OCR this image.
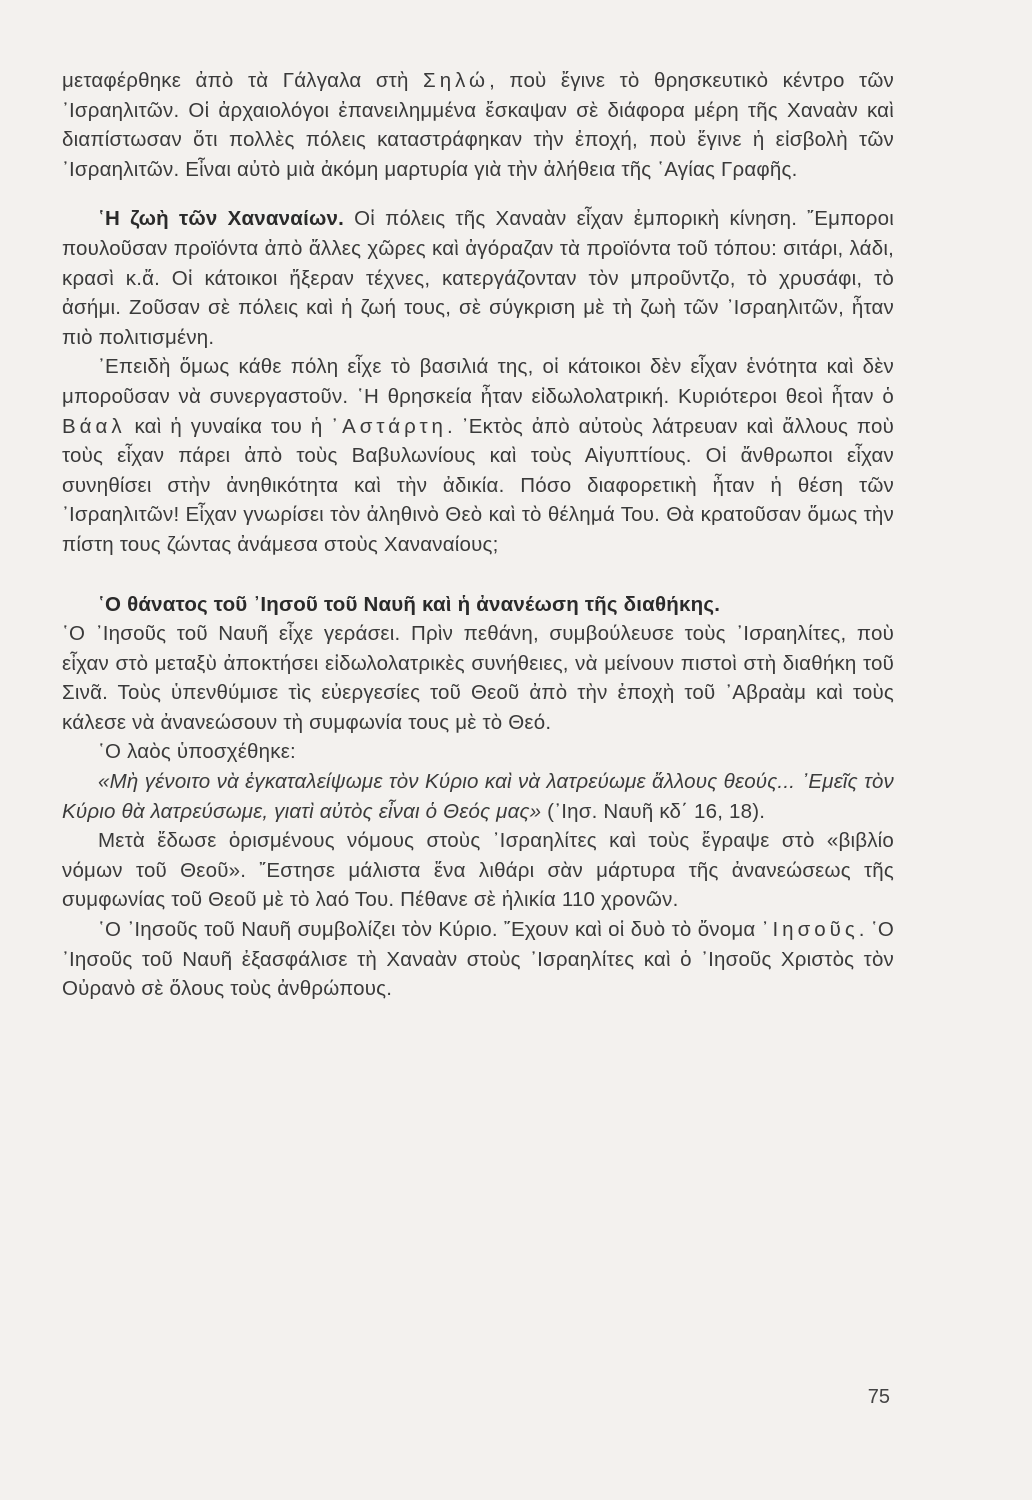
μεταφέρθηκε ἀπὸ τὰ Γάλγαλα στὴ Σηλώ, ποὺ ἔγινε τὸ θρησκευτικὸ κέντρο τῶν ᾿Ισραηλιτῶν. Οἱ ἀρχαιολόγοι ἐπανειλημμένα ἔσκαψαν σὲ διάφορα μέρη τῆς Χαναὰν καὶ διαπίστωσαν ὅτι πολλὲς πόλεις καταστράφηκαν τὴν ἐποχή, ποὺ ἔγινε ἡ εἰσβολὴ τῶν ᾿Ισραηλιτῶν. Εἶναι αὐτὸ μιὰ ἀκόμη μαρτυρία γιὰ τὴν ἀλήθεια τῆς ῾Αγίας Γραφῆς.

῾Η ζωὴ τῶν Χαναναίων. Οἱ πόλεις τῆς Χαναὰν εἶχαν ἐμπορικὴ κίνηση. ῎Εμποροι πουλοῦσαν προϊόντα ἀπὸ ἄλλες χῶρες καὶ ἀγόραζαν τὰ προϊόντα τοῦ τόπου: σιτάρι, λάδι, κρασὶ κ.ἄ. Οἱ κάτοικοι ἤξεραν τέχνες, κατεργάζονταν τὸν μπροῦντζο, τὸ χρυσάφι, τὸ ἀσήμι. Ζοῦσαν σὲ πόλεις καὶ ἡ ζωή τους, σὲ σύγκριση μὲ τὴ ζωὴ τῶν ᾿Ισραηλιτῶν, ἦταν πιὸ πολιτισμένη.

᾿Επειδὴ ὅμως κάθε πόλη εἶχε τὸ βασιλιά της, οἱ κάτοικοι δὲν εἶχαν ἑνότητα καὶ δὲν μποροῦσαν νὰ συνεργαστοῦν. ῾Η θρησκεία ἦταν εἰδωλολατρική. Κυριότεροι θεοὶ ἦταν ὁ Βάαλ καὶ ἡ γυναίκα του ἡ ᾿Αστάρτη. ᾿Εκτὸς ἀπὸ αὐτοὺς λάτρευαν καὶ ἄλλους ποὺ τοὺς εἶχαν πάρει ἀπὸ τοὺς Βαβυλωνίους καὶ τοὺς Αἰγυπτίους. Οἱ ἄνθρωποι εἶχαν συνηθίσει στὴν ἀνηθικότητα καὶ τὴν ἀδικία. Πόσο διαφορετικὴ ἦταν ἡ θέση τῶν ᾿Ισραηλιτῶν! Εἶχαν γνωρίσει τὸν ἀληθινὸ Θεὸ καὶ τὸ θέλημά Του. Θὰ κρατοῦσαν ὅμως τὴν πίστη τους ζώντας ἀνάμεσα στοὺς Χαναναίους;

῾Ο θάνατος τοῦ ᾿Ιησοῦ τοῦ Ναυῆ καὶ ἡ ἀνανέωση τῆς διαθήκης.
῾Ο ᾿Ιησοῦς τοῦ Ναυῆ εἶχε γεράσει. Πρὶν πεθάνη, συμβούλευσε τοὺς ᾿Ισραηλίτες, ποὺ εἶχαν στὸ μεταξὺ ἀποκτήσει εἰδωλολατρικὲς συνήθειες, νὰ μείνουν πιστοὶ στὴ διαθήκη τοῦ Σινᾶ. Τοὺς ὑπενθύμισε τὶς εὐεργεσίες τοῦ Θεοῦ ἀπὸ τὴν ἐποχὴ τοῦ ᾿Αβραὰμ καὶ τοὺς κάλεσε νὰ ἀνανεώσουν τὴ συμφωνία τους μὲ τὸ Θεό.

῾Ο λαὸς ὑποσχέθηκε:

«Μὴ γένοιτο νὰ ἐγκαταλείψωμε τὸν Κύριο καὶ νὰ λατρεύωμε ἄλλους θεούς... ᾿Εμεῖς τὸν Κύριο θὰ λατρεύσωμε, γιατὶ αὐτὸς εἶναι ὁ Θεός μας» (᾿Ιησ. Ναυῆ κδ΄ 16, 18).

Μετὰ ἔδωσε ὁρισμένους νόμους στοὺς ᾿Ισραηλίτες καὶ τοὺς ἔγραψε στὸ «βιβλίο νόμων τοῦ Θεοῦ». ῎Εστησε μάλιστα ἕνα λιθάρι σὰν μάρτυρα τῆς ἀνανεώσεως τῆς συμφωνίας τοῦ Θεοῦ μὲ τὸ λαό Του. Πέθανε σὲ ἡλικία 110 χρονῶν.

῾Ο ᾿Ιησοῦς τοῦ Ναυῆ συμβολίζει τὸν Κύριο. ῎Εχουν καὶ οἱ δυὸ τὸ ὄνομα ᾿Ιησοῦς. ῾Ο ᾿Ιησοῦς τοῦ Ναυῆ ἐξασφάλισε τὴ Χαναὰν στοὺς ᾿Ισραηλίτες καὶ ὁ ᾿Ιησοῦς Χριστὸς τὸν Οὐρανὸ σὲ ὅλους τοὺς ἀνθρώπους.

75
